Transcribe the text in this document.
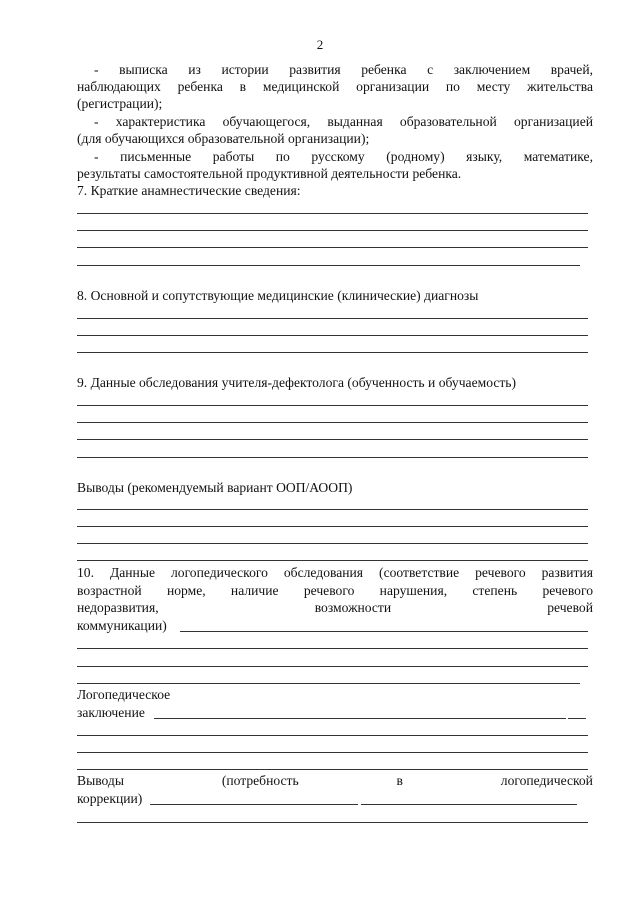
2
- выписка из истории развития ребенка с заключением врачей,
наблюдающих ребенка в медицинской организации по месту жительства
(регистрации);
- характеристика обучающегося, выданная образовательной организацией
(для обучающихся образовательной организации);
- письменные работы по русскому (родному) языку, математике,
результаты самостоятельной продуктивной деятельности ребенка.
7. Краткие анамнестические сведения:
8. Основной и сопутствующие медицинские (клинические) диагнозы
9. Данные обследования учителя-дефектолога (обученность и обучаемость)
Выводы (рекомендуемый вариант ООП/АООП)
10. Данные логопедического обследования (соответствие речевого развития
возрастной норме, наличие речевого нарушения, степень речевого
недоразвития, возможности речевой
коммуникации)
Логопедическое
заключение
Выводы	(потребность	в	логопедической
коррекции)
